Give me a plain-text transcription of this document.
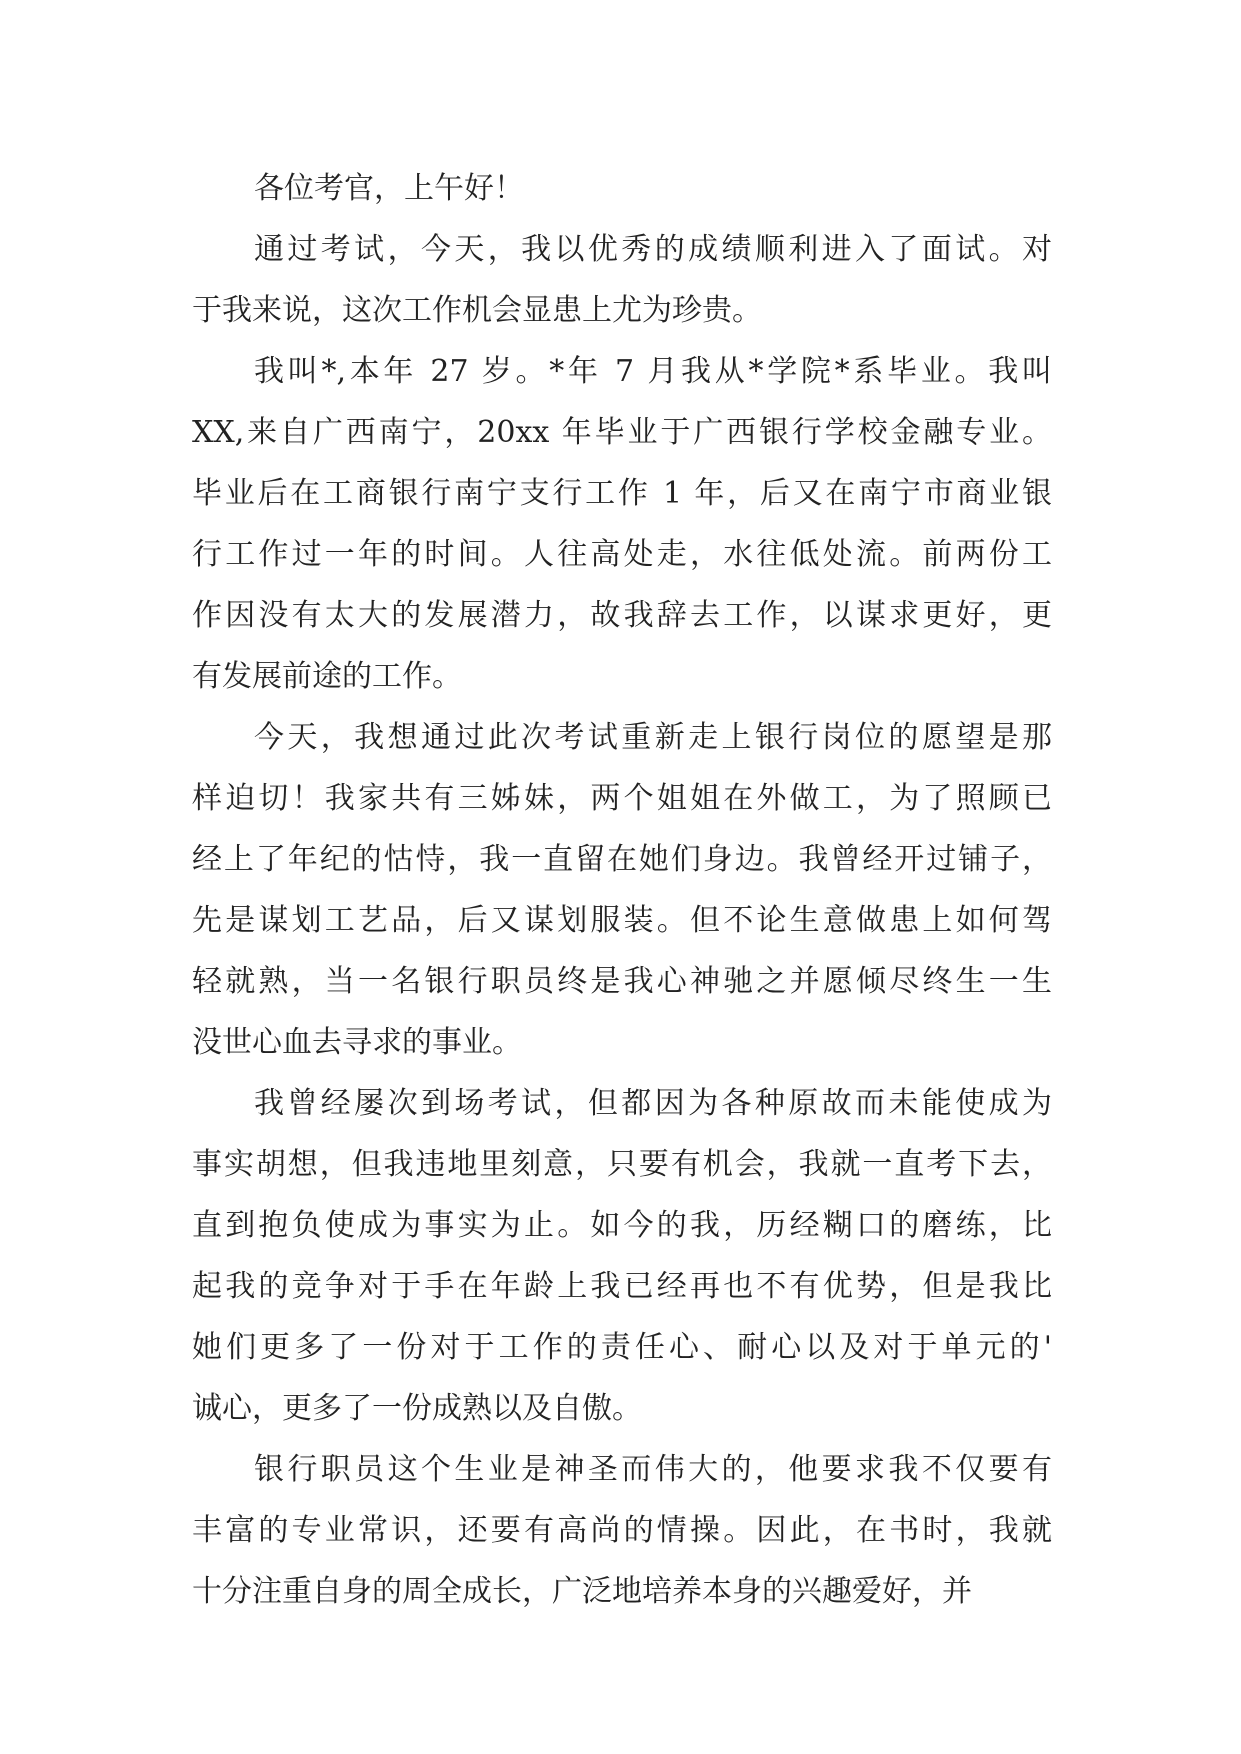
各位考官，上午好！
通过考试，今天，我以优秀的成绩顺利进入了面试。对
于我来说，这次工作机会显患上尤为珍贵。
我叫*,本年 27 岁。*年 7 月我从*学院*系毕业。我叫
XX,来自广西南宁，20xx 年毕业于广西银行学校金融专业。
毕业后在工商银行南宁支行工作 1 年，后又在南宁市商业银
行工作过一年的时间。人往高处走，水往低处流。前两份工
作因没有太大的发展潜力，故我辞去工作，以谋求更好，更
有发展前途的工作。
今天，我想通过此次考试重新走上银行岗位的愿望是那
样迫切！我家共有三姊妹，两个姐姐在外做工，为了照顾已
经上了年纪的怙恃，我一直留在她们身边。我曾经开过铺子，
先是谋划工艺品，后又谋划服装。但不论生意做患上如何驾
轻就熟，当一名银行职员终是我心神驰之并愿倾尽终生一生
没世心血去寻求的事业。
我曾经屡次到场考试，但都因为各种原故而未能使成为
事实胡想，但我违地里刻意，只要有机会，我就一直考下去，
直到抱负使成为事实为止。如今的我，历经糊口的磨练，比
起我的竞争对于手在年龄上我已经再也不有优势，但是我比
她们更多了一份对于工作的责任心、耐心以及对于单元的'
诚心，更多了一份成熟以及自傲。
银行职员这个生业是神圣而伟大的，他要求我不仅要有
丰富的专业常识，还要有高尚的情操。因此，在书时，我就
十分注重自身的周全成长，广泛地培养本身的兴趣爱好，并
